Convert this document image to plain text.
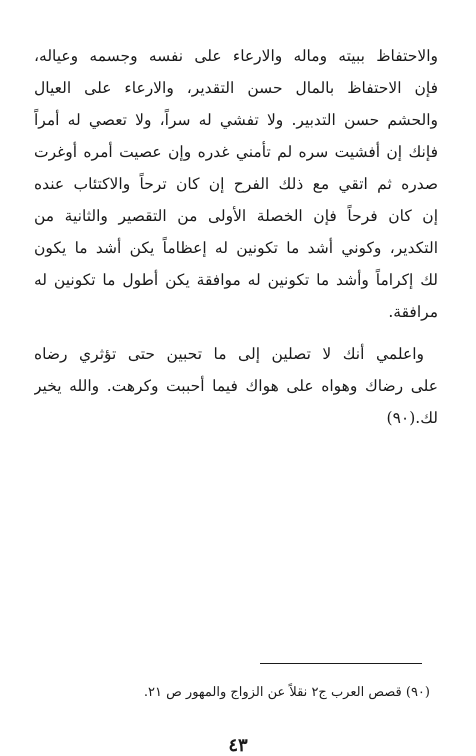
والاحتفاظ ببيته وماله والارعاء على نفسه وجسمه وعياله،
فإن الاحتفاظ بالمال حسن التقدير، والارعاء على العيال
والحشم حسن التدبير. ولا تفشي له سراً، ولا تعصي له أمراً
فإنك إن أفشيت سره لم تأمني غدره وإن عصيت أمره أوغرت
صدره ثم اتقي مع ذلك الفرح إن كان ترحاً والاكتئاب عنده
إن كان فرحاً فإن الخصلة الأولى من التقصير والثانية من
التكدير، وكوني أشد ما تكونين له إعظاماً يكن أشد ما يكون
لك إكراماً وأشد ما تكونين له موافقة يكن أطول ما تكونين له
مرافقة.
واعلمي أنك لا تصلين إلى ما تحبين حتى تؤثري رضاه
على رضاك وهواه على هواك فيما أحببت وكرهت. والله يخير
لك.(٩٠)
(٩٠) قصص العرب ج٢ نقلاً عن الزواج والمهور ص ٢١.
٤٣
